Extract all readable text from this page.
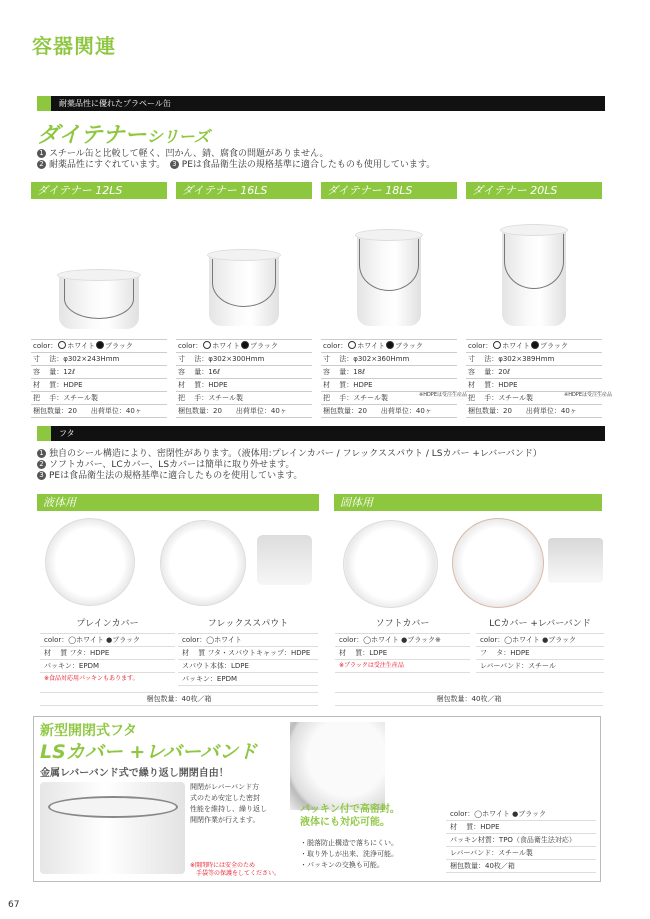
容器関連
耐薬品性に優れたプラペール缶
ダイテナーシリーズ
1 スチール缶と比較して軽く、凹かん、錆、腐食の問題がありません。
2 耐薬品性にすぐれています。　 3 PEは食品衛生法の規格基準に適合したものも使用しています。
ダイテナー 12LS
color： ホワイト ブラック
寸　 法：φ302×243Hmm
容　 量：12ℓ
材　 質：HDPE
把　 手：スチール製
梱包数量：20　　出荷単位：40ヶ
ダイテナー 16LS
color： ホワイト ブラック
寸　 法：φ302×300Hmm
容　 量：16ℓ
材　 質：HDPE
把　 手：スチール製
梱包数量：20　　出荷単位：40ヶ
ダイテナー 18LS
color： ホワイト ブラック
寸　 法：φ302×360Hmm
容　 量：18ℓ
材　 質：HDPE
把　 手：スチール製	※HDPEは受注生産品
梱包数量：20　　出荷単位：40ヶ
ダイテナー 20LS
color： ホワイト ブラック
寸　 法：φ302×389Hmm
容　 量：20ℓ
材　 質：HDPE
把　 手：スチール製	※HDPEは受注生産品
梱包数量：20　　出荷単位：40ヶ
フタ
1 独自のシール構造により、密閉性があります。（液体用:プレインカバー / フレックススパウト / LSカバー +レバーバンド）
2 ソフトカバー、LCカバー、LSカバーは簡単に取り外せます。
3 PEは食品衛生法の規格基準に適合したものを使用しています。
液体用	固体用
プレインカバー
color：◯ホワイト ●ブラック
材　 質 フタ：HDPE
パッキン：EPDM
※食品対応用パッキンもあります。
フレックススパウト
color：◯ホワイト
材　 質 フタ・スパウトキャップ：HDPE
スパウト本体：LDPE
パッキン：EPDM
ソフトカバー
color：◯ホワイト ●ブラック※
材　 質：LDPE
※ブラックは受注生産品
LCカバー +レバーバンド
color：◯ホワイト ●ブラック
フ　 タ：HDPE
レバーバンド：スチール
梱包数量：40枚／箱	梱包数量：40枚／箱
新型開閉式フタ
LSカバー +レバーバンド
金属レバーバンド式で繰り返し開閉自由！
開閉がレバーバンド方
式のため安定した密封
性能を維持し、繰り返し
開閉作業が行えます。
※開閉時には安全のため
　手袋等の保護をしてください。
パッキン付で高密封。
液体にも対応可能。
・脱落防止構造で落ちにくい。
・取り外しが出来、洗浄可能。
・パッキンの交換も可能。
color：◯ホワイト ●ブラック
材　 質：HDPE
パッキン材質：TPO（食品衛生法対応）
レバーバンド：スチール製
梱包数量：40枚／箱
67
